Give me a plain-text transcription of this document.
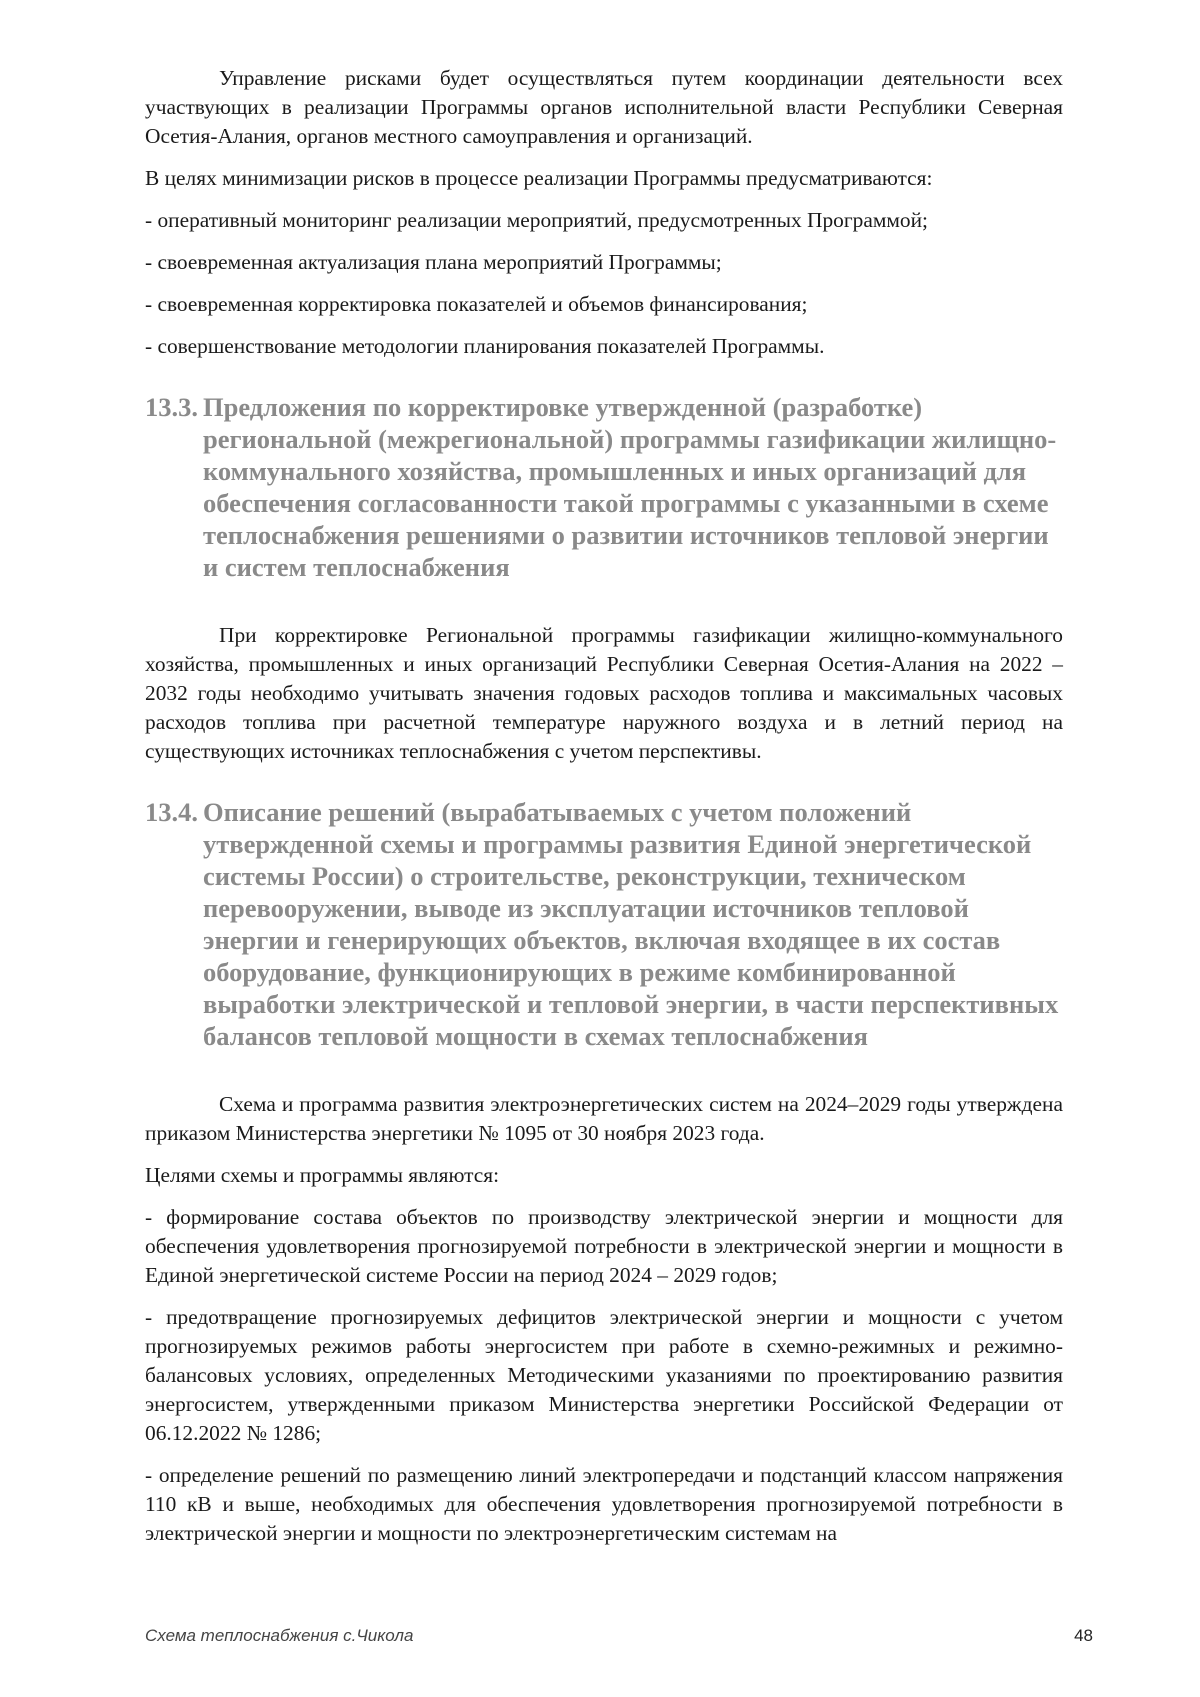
Управление рисками будет осуществляться путем координации деятельности всех участвующих в реализации Программы органов исполнительной власти Республики Северная Осетия-Алания, органов местного самоуправления и организаций.

В целях минимизации рисков в процессе реализации Программы предусматриваются:

- оперативный мониторинг реализации мероприятий, предусмотренных Программой;

- своевременная актуализация плана мероприятий Программы;

- своевременная корректировка показателей и объемов финансирования;

- совершенствование методологии планирования показателей Программы.

13.3. Предложения по корректировке утвержденной (разработке) региональной (межрегиональной) программы газификации жилищно-коммунального хозяйства, промышленных и иных организаций для обеспечения согласованности такой программы с указанными в схеме теплоснабжения решениями о развитии источников тепловой энергии и систем теплоснабжения

При корректировке Региональной программы газификации жилищно-коммунального хозяйства, промышленных и иных организаций Республики Северная Осетия-Алания на 2022 – 2032 годы необходимо учитывать значения годовых расходов топлива и максимальных часовых расходов топлива при расчетной температуре наружного воздуха и в летний период на существующих источниках теплоснабжения с учетом перспективы.

13.4. Описание решений (вырабатываемых с учетом положений утвержденной схемы и программы развития Единой энергетической системы России) о строительстве, реконструкции, техническом перевооружении, выводе из эксплуатации источников тепловой энергии и генерирующих объектов, включая входящее в их состав оборудование, функционирующих в режиме комбинированной выработки электрической и тепловой энергии, в части перспективных балансов тепловой мощности в схемах теплоснабжения

Схема и программа развития электроэнергетических систем на 2024–2029 годы утверждена приказом Министерства энергетики № 1095 от 30 ноября 2023 года.

Целями схемы и программы являются:

- формирование состава объектов по производству электрической энергии и мощности для обеспечения удовлетворения прогнозируемой потребности в электрической энергии и мощности в Единой энергетической системе России на период 2024 – 2029 годов;

- предотвращение прогнозируемых дефицитов электрической энергии и мощности с учетом прогнозируемых режимов работы энергосистем при работе в схемно-режимных и режимно-балансовых условиях, определенных Методическими указаниями по проектированию развития энергосистем, утвержденными приказом Министерства энергетики Российской Федерации от 06.12.2022 № 1286;

- определение решений по размещению линий электропередачи и подстанций классом напряжения 110 кВ и выше, необходимых для обеспечения удовлетворения прогнозируемой потребности в электрической энергии и мощности по электроэнергетическим системам на

Схема теплоснабжения с.Чикола	48
